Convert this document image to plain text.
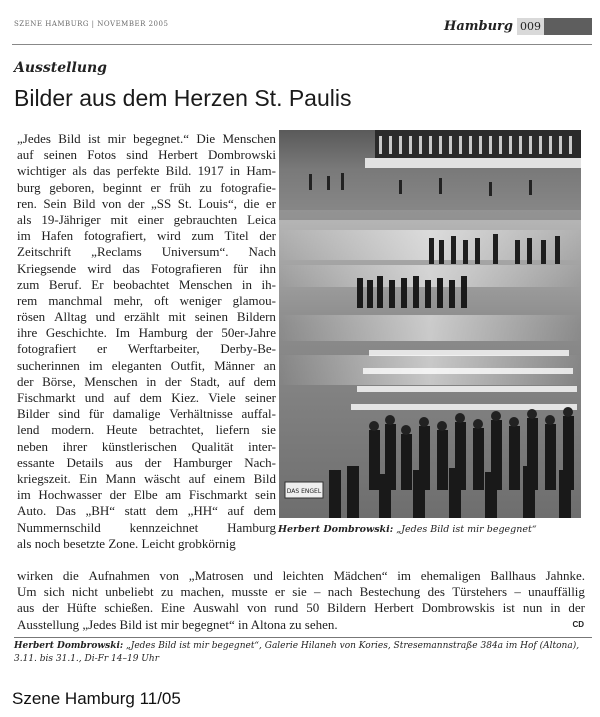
SZENE HAMBURG | NOVEMBER 2005	Hamburg 009
Ausstellung
Bilder aus dem Herzen St. Paulis
„Jedes Bild ist mir begegnet.“ Die Menschen
auf seinen Fotos sind Herbert Dombrowski
wichtiger als das perfekte Bild. 1917 in Ham-
burg geboren, beginnt er früh zu fotografie-
ren. Sein Bild von der „SS St. Louis“, die er
als 19-Jähriger mit einer gebrauchten Leica
im Hafen fotografiert, wird zum Titel der
Zeitschrift „Reclams Universum“. Nach
Kriegsende wird das Fotografieren für ihn
zum Beruf. Er beobachtet Menschen in ih-
rem manchmal mehr, oft weniger glamou-
rösen Alltag und erzählt mit seinen Bildern
ihre Geschichte. Im Hamburg der 50er-Jahre
fotografiert er Werftarbeiter, Derby-Be-
sucherinnen im eleganten Outfit, Männer an
der Börse, Menschen in der Stadt, auf dem
Fischmarkt und auf dem Kiez. Viele seiner
Bilder sind für damalige Verhältnisse auffal-
lend modern. Heute betrachtet, liefern sie
neben ihrer künstlerischen Qualität inter-
essante Details aus der Hamburger Nach-
kriegszeit. Ein Mann wäscht auf einem Bild
im Hochwasser der Elbe am Fischmarkt sein
Auto. Das „BH“ statt dem „HH“ auf dem
Nummernschild kennzeichnet Hamburg
als noch besetzte Zone. Leicht grobkörnig
DAS ENGEL
Herbert Dombrowski: „Jedes Bild ist mir begegnet“
wirken die Aufnahmen von „Matrosen und leichten Mädchen“ im ehemaligen Ballhaus Jahnke.
Um sich nicht unbeliebt zu machen, musste er sie – nach Bestechung des Türstehers – unauffällig
aus der Hüfte schießen. Eine Auswahl von rund 50 Bildern Herbert Dombrowskis ist nun in der
Ausstellung „Jedes Bild ist mir begegnet“ in Altona zu sehen.	CD
Herbert Dombrowski: „Jedes Bild ist mir begegnet“, Galerie Hilaneh von Kories, Stresemannstraße 384a im Hof (Altona),
3.11. bis 31.1., Di-Fr 14–19 Uhr
Szene Hamburg 11/05
